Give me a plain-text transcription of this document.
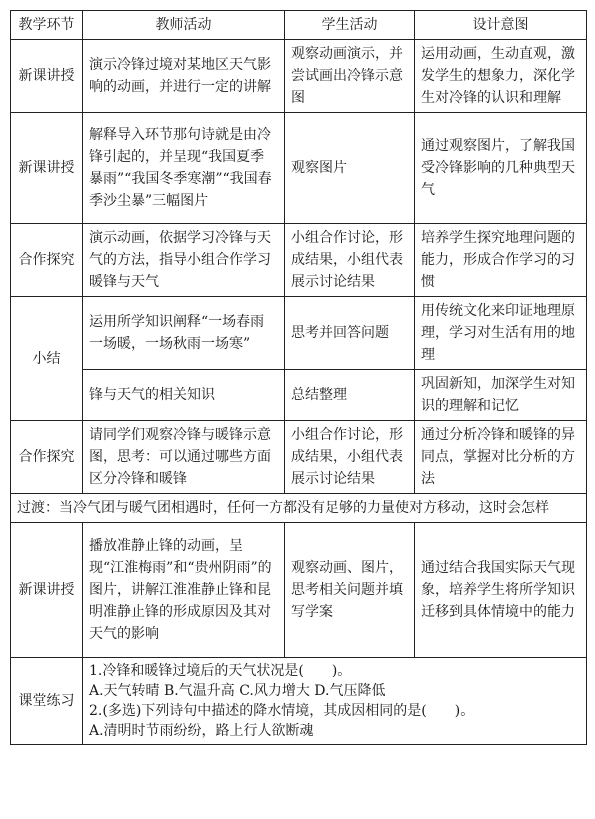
教学环节	教师活动	学生活动	设计意图
新课讲授	演示冷锋过境对某地区天气影响的动画，并进行一定的讲解	观察动画演示，并尝试画出冷锋示意图	运用动画，生动直观，激发学生的想象力，深化学生对冷锋的认识和理解
新课讲授	解释导入环节那句诗就是由冷锋引起的，并呈现“我国夏季暴雨”“我国冬季寒潮”“我国春季沙尘暴”三幅图片	观察图片	通过观察图片，了解我国受冷锋影响的几种典型天气
合作探究	演示动画，依据学习冷锋与天气的方法，指导小组合作学习暖锋与天气	小组合作讨论，形成结果，小组代表展示讨论结果	培养学生探究地理问题的能力，形成合作学习的习惯
小结	运用所学知识阐释“一场春雨一场暖，一场秋雨一场寒”	思考并回答问题	用传统文化来印证地理原理，学习对生活有用的地理
	锋与天气的相关知识	总结整理	巩固新知，加深学生对知识的理解和记忆
合作探究	请同学们观察冷锋与暖锋示意图，思考：可以通过哪些方面区分冷锋和暖锋	小组合作讨论，形成结果，小组代表展示讨论结果	通过分析冷锋和暖锋的异同点，掌握对比分析的方法
过渡：当冷气团与暖气团相遇时，任何一方都没有足够的力量使对方移动，这时会怎样			
新课讲授	播放准静止锋的动画，呈现“江淮梅雨”和“贵州阴雨”的图片，讲解江淮准静止锋和昆明准静止锋的形成原因及其对天气的影响	观察动画、图片，思考相关问题并填写学案	通过结合我国实际天气现象，培养学生将所学知识迁移到具体情境中的能力
课堂练习	1.冷锋和暖锋过境后的天气状况是(　　)。
A.天气转晴 B.气温升高 C.风力增大 D.气压降低
2.(多选)下列诗句中描述的降水情境，其成因相同的是(　　)。
A.清明时节雨纷纷，路上行人欲断魂		
